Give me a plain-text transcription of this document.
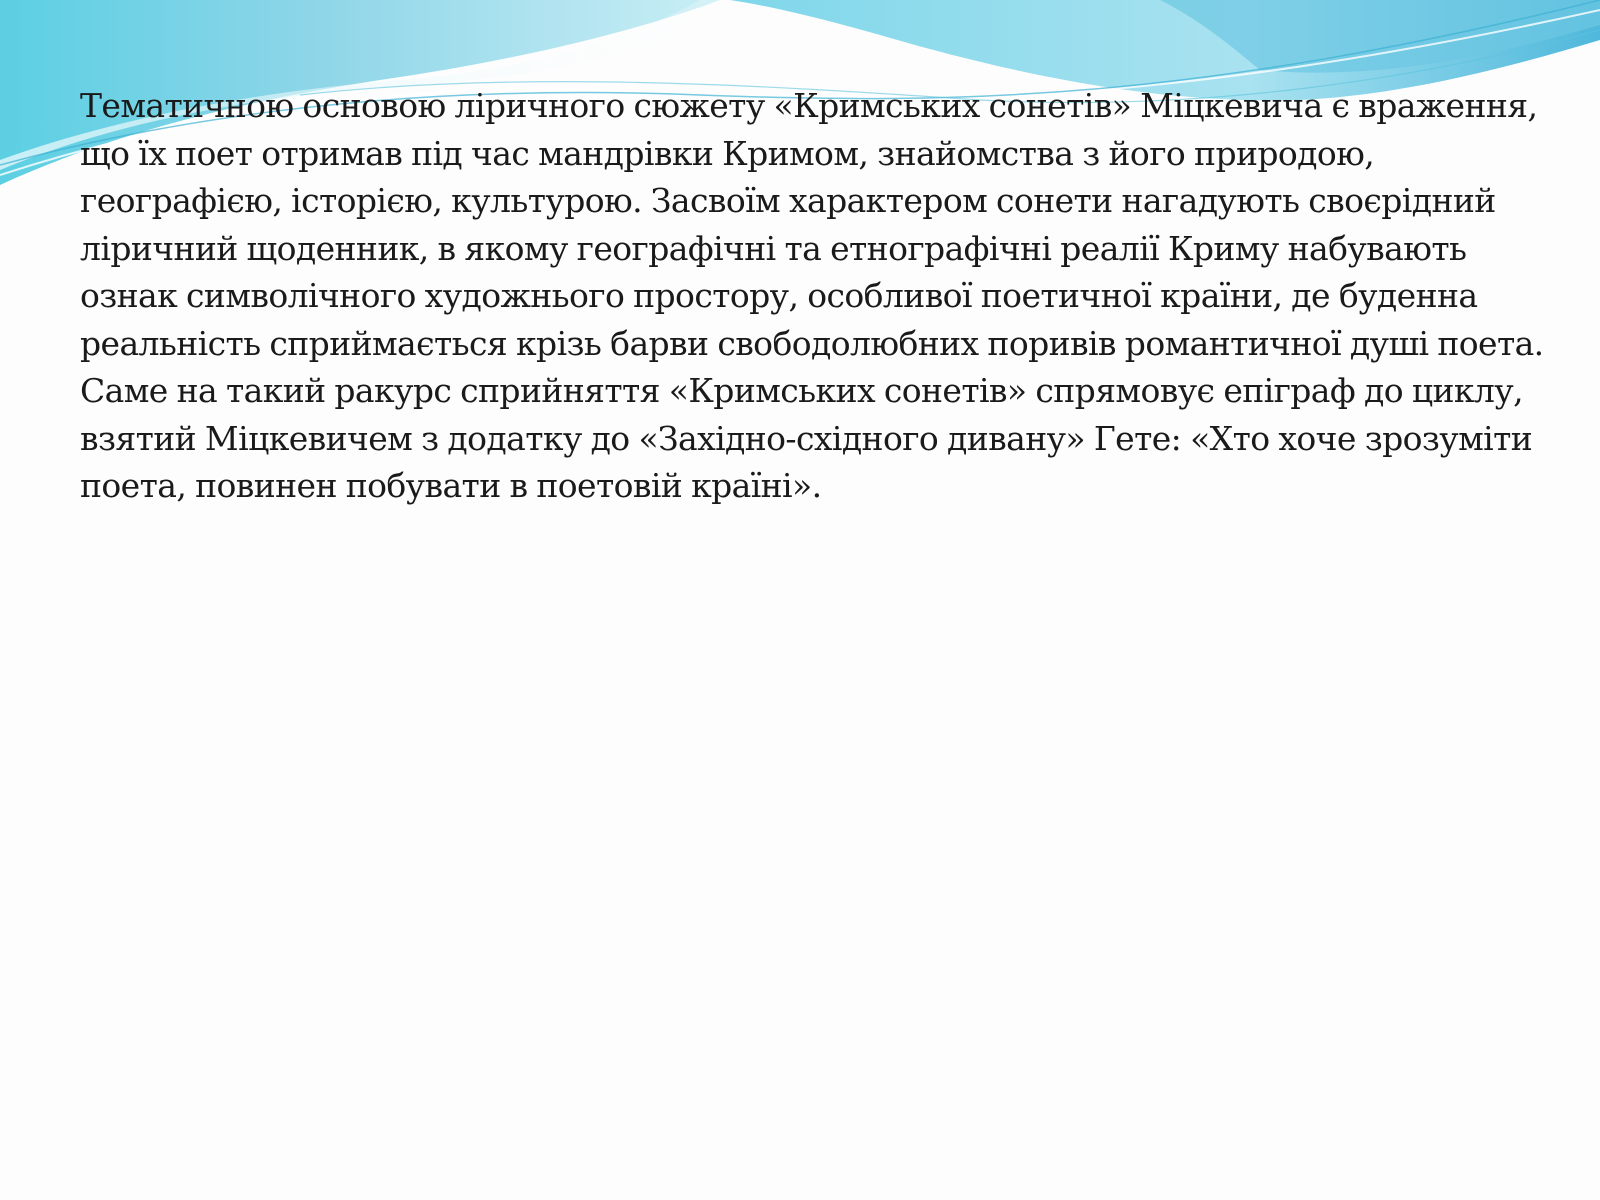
Тематичною основою ліричного сюжету «Кримських сонетів» Міцкевича є враження, що їх поет отримав під час мандрівки Кримом, знайомства з його природою, географією, історією, культурою. Засвоїм характером сонети нагадують своєрідний ліричний щоденник, в якому географічні та етнографічні реалії Криму набувають ознак символічного художнього простору, особливої поетичної країни, де буденна реальність сприймається крізь барви свободолюбних поривів романтичної душі поета. Саме на такий ракурс сприйняття «Кримських сонетів» спрямовує епіграф до циклу, взятий Міцкевичем з додатку до «Західно-східного дивану» Гете: «Хто хоче зрозуміти поета, повинен побувати в поетовій країні».
